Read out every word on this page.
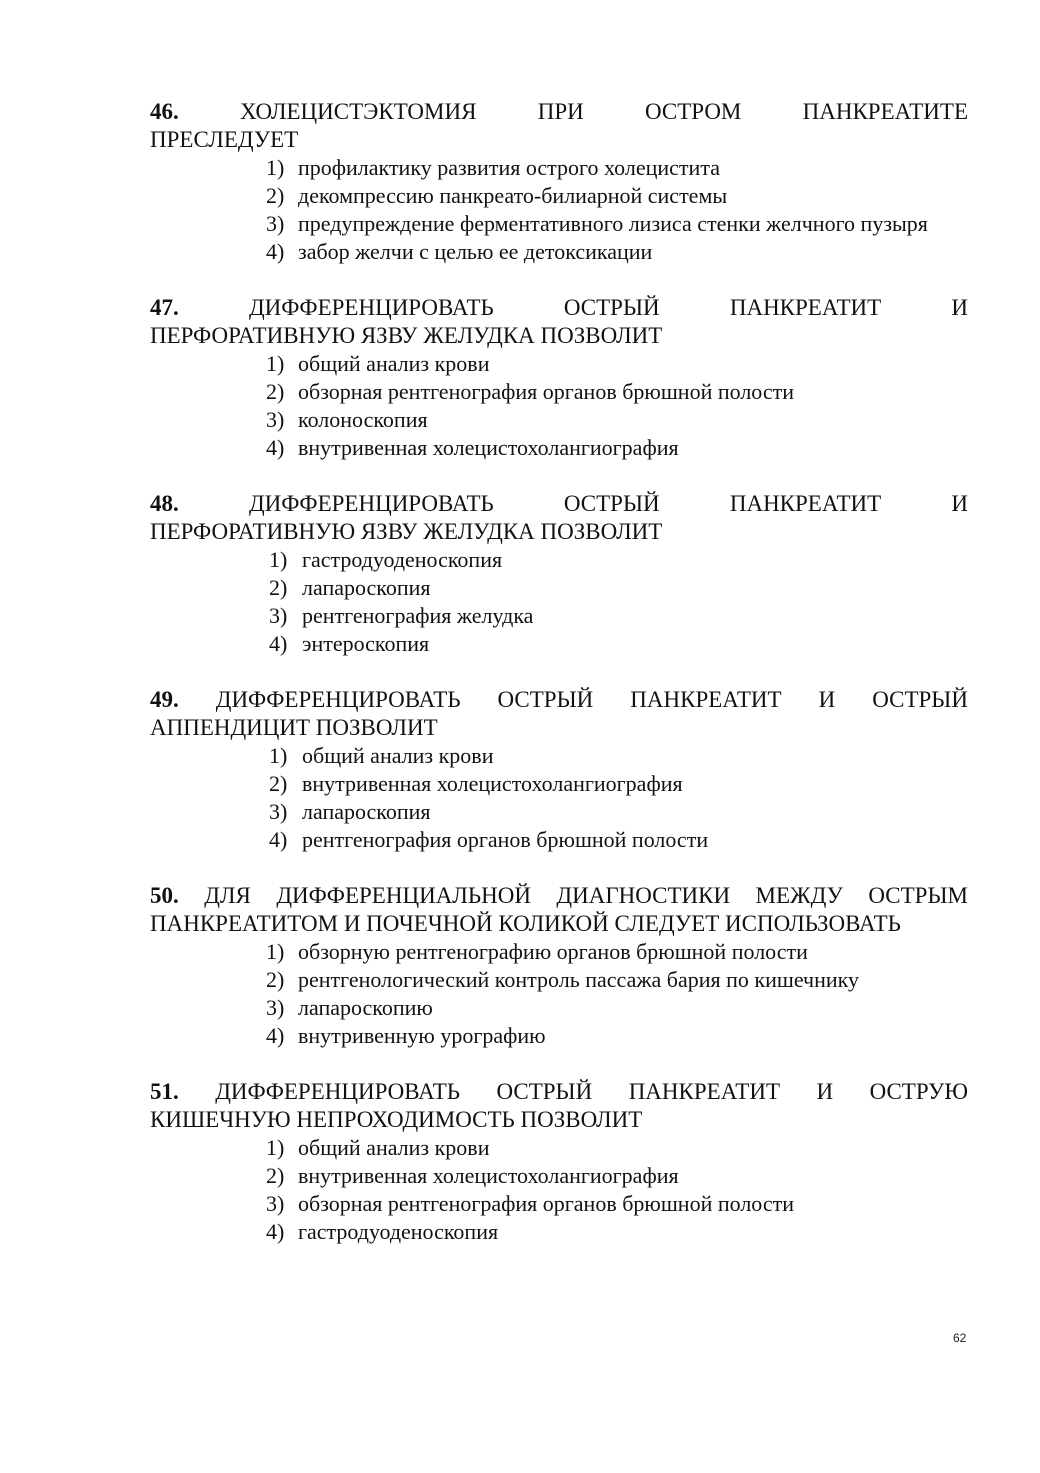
46.	ХОЛЕЦИСТЭКТОМИЯ	ПРИ	ОСТРОМ	ПАНКРЕАТИТЕ
ПРЕСЛЕДУЕТ
1) профилактику развития острого холецистита
2) декомпрессию панкреато-билиарной системы
3) предупреждение ферментативного лизиса стенки желчного пузыря
4) забор желчи с целью ее детоксикации
47.	ДИФФЕРЕНЦИРОВАТЬ	ОСТРЫЙ	ПАНКРЕАТИТ	И
ПЕРФОРАТИВНУЮ ЯЗВУ ЖЕЛУДКА ПОЗВОЛИТ
1) общий анализ крови
2) обзорная рентгенография органов брюшной полости
3) колоноскопия
4) внутривенная холецистохолангиография
48.	ДИФФЕРЕНЦИРОВАТЬ	ОСТРЫЙ	ПАНКРЕАТИТ	И
ПЕРФОРАТИВНУЮ ЯЗВУ ЖЕЛУДКА ПОЗВОЛИТ
1) гастродуоденоскопия
2) лапароскопия
3) рентгенография желудка
4) энтероскопия
49. ДИФФЕРЕНЦИРОВАТЬ ОСТРЫЙ ПАНКРЕАТИТ И ОСТРЫЙ
АППЕНДИЦИТ ПОЗВОЛИТ
1) общий анализ крови
2) внутривенная холецистохолангиография
3) лапароскопия
4) рентгенография органов брюшной полости
50. ДЛЯ ДИФФЕРЕНЦИАЛЬНОЙ ДИАГНОСТИКИ МЕЖДУ ОСТРЫМ
ПАНКРЕАТИТОМ И ПОЧЕЧНОЙ КОЛИКОЙ СЛЕДУЕТ ИСПОЛЬЗОВАТЬ
1) обзорную рентгенографию органов брюшной полости
2) рентгенологический контроль пассажа бария по кишечнику
3) лапароскопию
4) внутривенную урографию
51. ДИФФЕРЕНЦИРОВАТЬ ОСТРЫЙ ПАНКРЕАТИТ И ОСТРУЮ
КИШЕЧНУЮ НЕПРОХОДИМОСТЬ ПОЗВОЛИТ
1) общий анализ крови
2) внутривенная холецистохолангиография
3) обзорная рентгенография органов брюшной полости
4) гастродуоденоскопия
62
